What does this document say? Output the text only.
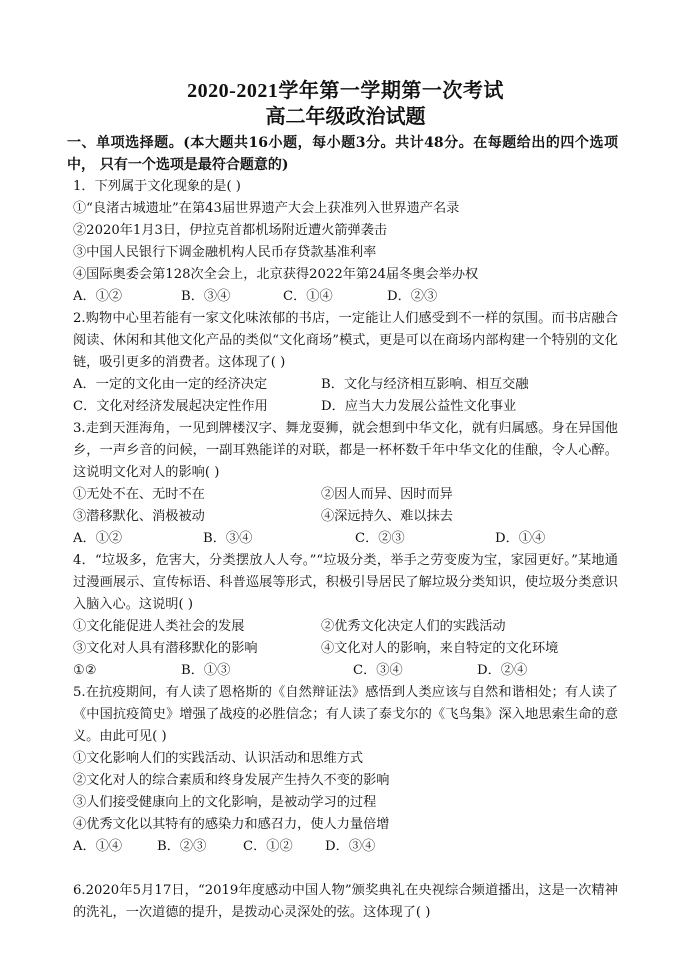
2020-2021学年第一学期第一次考试

高二年级政治试题

一、单项选择题。(本大题共16小题，每小题3分。共计48分。在每题给出的四个选项中， 只有一个选项是最符合题意的)

1．下列属于文化现象的是( )

①“良渚古城遗址”在第43届世界遗产大会上获准列入世界遗产名录

②2020年1月3日，伊拉克首都机场附近遭火箭弹袭击

③中国人民银行下调金融机构人民币存贷款基准利率

④国际奥委会第128次全会上，北京获得2022年第24届冬奥会举办权

A．①②	B．③④	C．①④	D．②③

2.购物中心里若能有一家文化味浓郁的书店，一定能让人们感受到不一样的氛围。而书店融合阅读、休闲和其他文化产品的类似“文化商场”模式，更是可以在商场内部构建一个特别的文化链，吸引更多的消费者。这体现了( )

A．一定的文化由一定的经济决定	B．文化与经济相互影响、相互交融
C．文化对经济发展起决定性作用	D．应当大力发展公益性文化事业

3.走到天涯海角，一见到牌楼汉字、舞龙耍狮，就会想到中华文化，就有归属感。身在异国他乡，一声乡音的问候，一副耳熟能详的对联，都是一杯杯数千年中华文化的佳酿，令人心醉。这说明文化对人的影响( )

①无处不在、无时不在	②因人而异、因时而异
③潜移默化、消极被动	④深远持久、难以抹去
A．①②	B．③④	C．②③	D．①④

4．“垃圾多，危害大，分类摆放人人夸。”“垃圾分类，举手之劳变废为宝，家园更好。”某地通过漫画展示、宣传标语、科普巡展等形式，积极引导居民了解垃圾分类知识，使垃圾分类意识入脑入心。这说明( )

①文化能促进人类社会的发展	②优秀文化决定人们的实践活动
③文化对人具有潜移默化的影响	④文化对人的影响，来自特定的文化环境
①②	B．①③	C．③④	D．②④

5.在抗疫期间，有人读了恩格斯的《自然辩证法》感悟到人类应该与自然和谐相处；有人读了《中国抗疫简史》增强了战疫的必胜信念；有人读了泰戈尔的《飞鸟集》深入地思索生命的意义。由此可见( )

①文化影响人们的实践活动、认识活动和思维方式

②文化对人的综合素质和终身发展产生持久不变的影响

③人们接受健康向上的文化影响，是被动学习的过程

④优秀文化以其特有的感染力和感召力，使人力量倍增

A．①④	B．②③	C．①②	D．③④

6.2020年5月17日，“2019年度感动中国人物”颁奖典礼在央视综合频道播出，这是一次精神的洗礼，一次道德的提升，是拨动心灵深处的弦。这体现了( )
